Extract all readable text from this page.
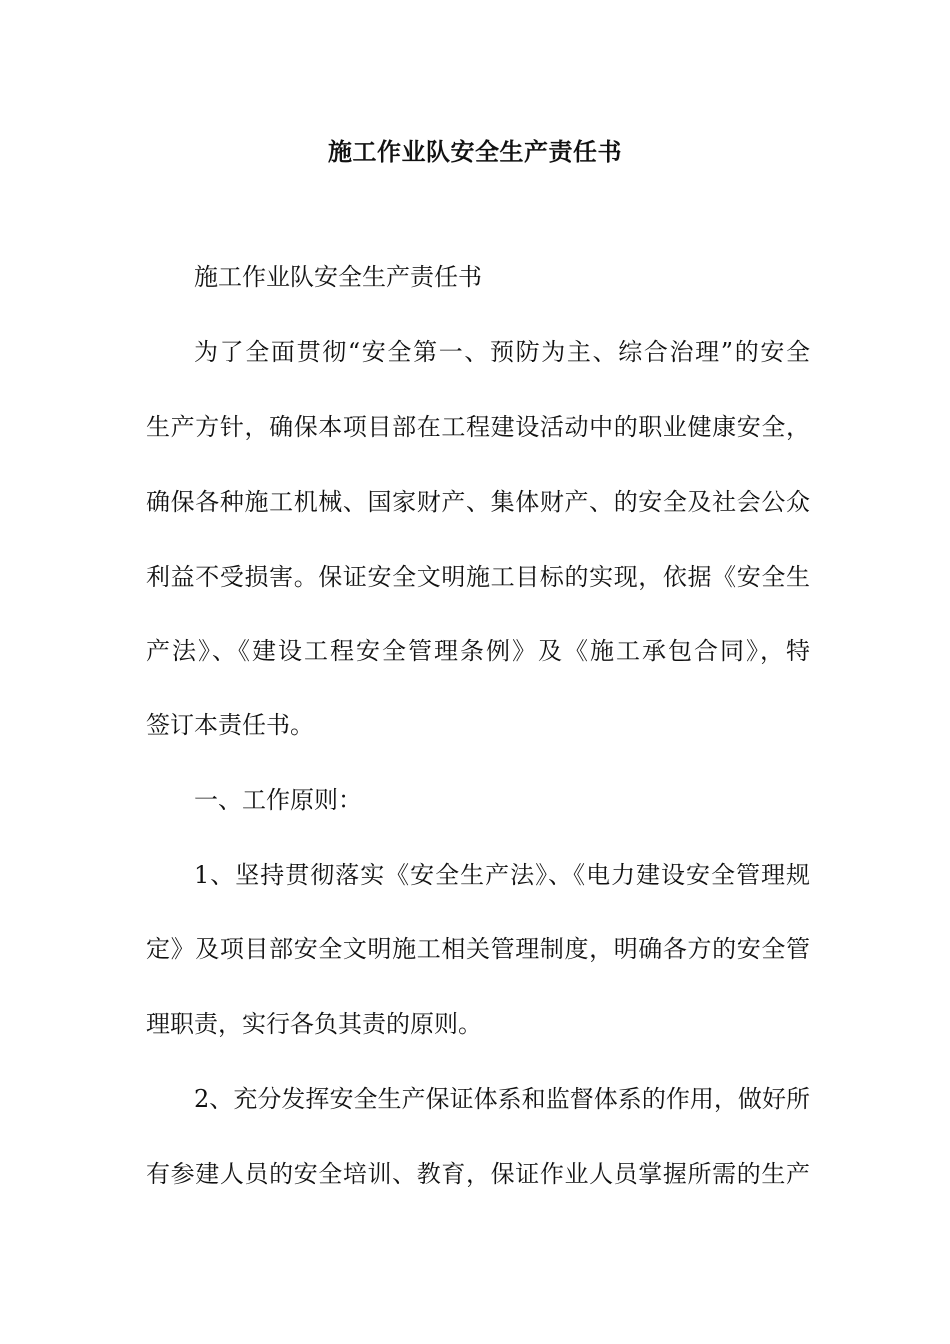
施工作业队安全生产责任书
施工作业队安全生产责任书
为了全面贯彻“安全第一、预防为主、综合治理”的安全
生产方针，确保本项目部在工程建设活动中的职业健康安全，
确保各种施工机械、国家财产、集体财产、的安全及社会公众
利益不受损害。保证安全文明施工目标的实现，依据《安全生
产法》、《建设工程安全管理条例》及《施工承包合同》，特
签订本责任书。
一、工作原则：
1、坚持贯彻落实《安全生产法》、《电力建设安全管理规
定》及项目部安全文明施工相关管理制度，明确各方的安全管
理职责，实行各负其责的原则。
2、充分发挥安全生产保证体系和监督体系的作用，做好所
有参建人员的安全培训、教育，保证作业人员掌握所需的生产
